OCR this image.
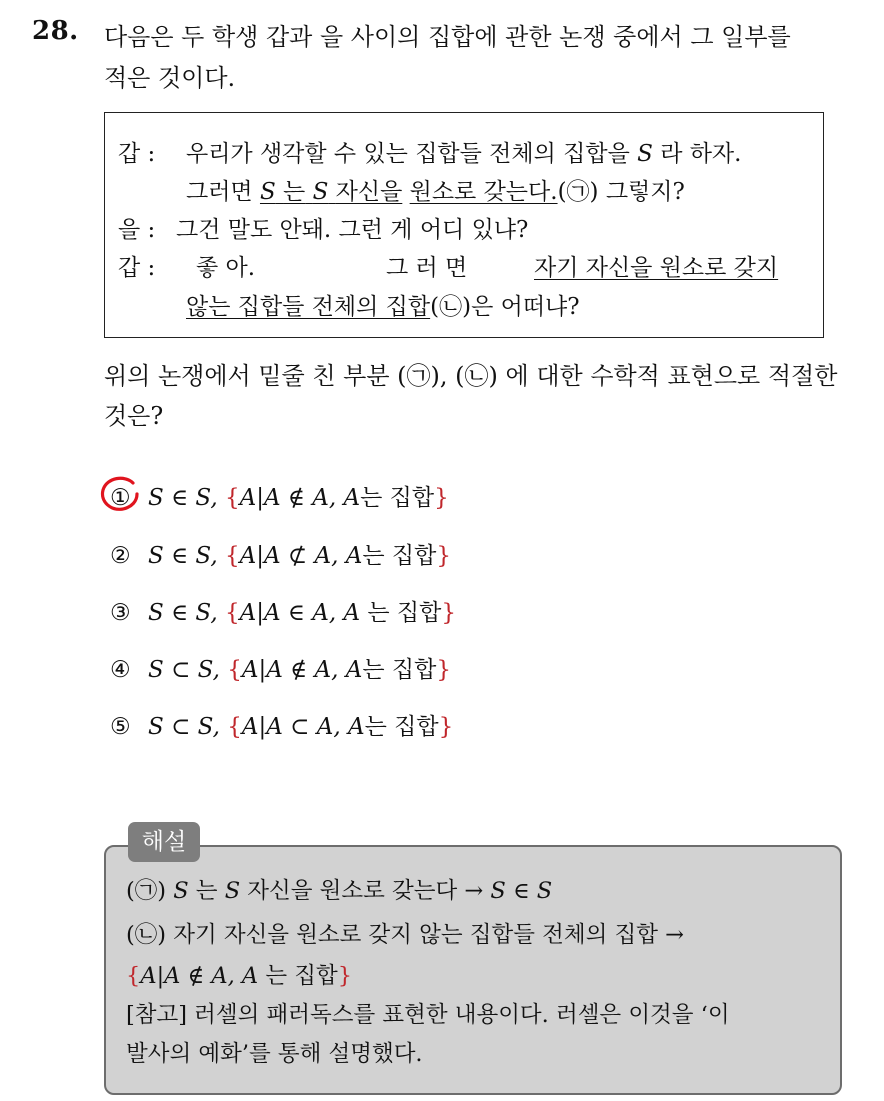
28. 다음은 두 학생 갑과 을 사이의 집합에 관한 논쟁 중에서 그 일부를
적은 것이다.
갑 : 우리가 생각할 수 있는 집합들 전체의 집합을 S 라 하자.
그러면 S 는 S 자신을 원소로 갖는다.(㉠) 그렇지?
을 : 그건 말도 안돼. 그런 게 어디 있냐?
갑 : 좋 아.	그 러 면	자기 자신을 원소로 갖지
않는 집합들 전체의 집합(㉡)은 어떠냐?
위의 논쟁에서 밑줄 친 부분 (㉠), (㉡) 에 대한 수학적 표현으로 적절한
것은?
① S ∈ S, {A|A ∉ A, A는 집합}
② S ∈ S, {A|A ⊄ A, A는 집합}
③ S ∈ S, {A|A ∈ A, A 는 집합}
④ S ⊂ S, {A|A ∉ A, A는 집합}
⑤ S ⊂ S, {A|A ⊂ A, A는 집합}
해설
(㉠) S 는 S 자신을 원소로 갖는다 → S ∈ S
(㉡) 자기 자신을 원소로 갖지 않는 집합들 전체의 집합 →
{A|A ∉ A, A 는 집합}
[참고] 러셀의 패러독스를 표현한 내용이다. 러셀은 이것을 ‘이
발사의 예화’를 통해 설명했다.
